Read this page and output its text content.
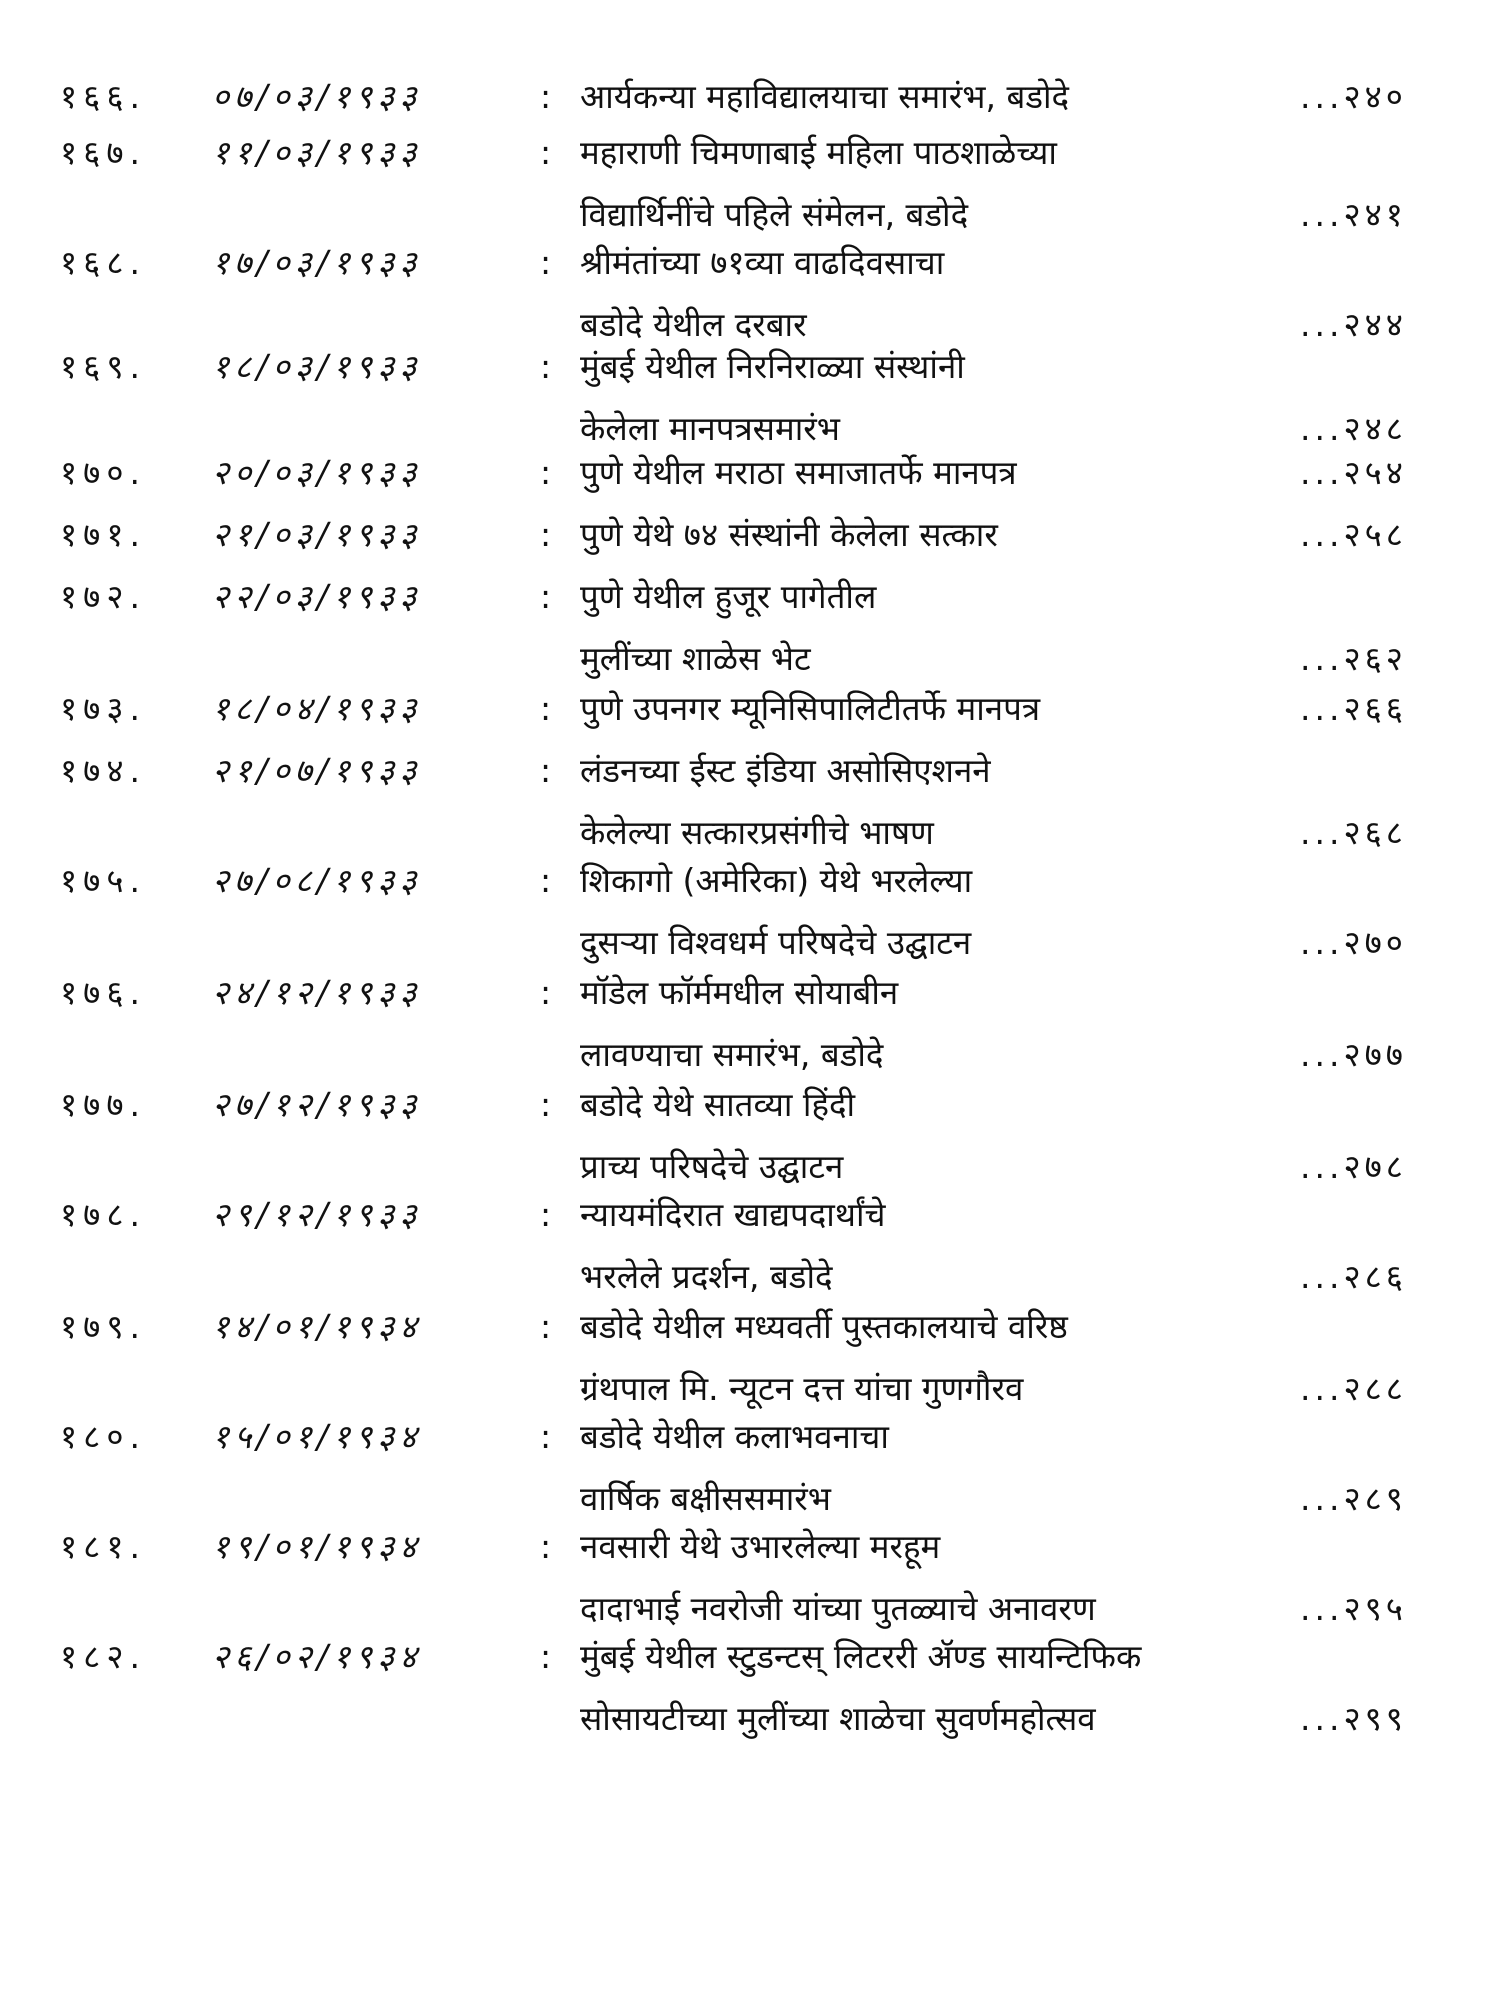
१६६. ०७/०३/१९३३	: आर्यकन्या महाविद्यालयाचा समारंभ, बडोदे	...२४०
१६७. ११/०३/१९३३	: महाराणी चिमणाबाई महिला पाठशाळेच्या
विद्यार्थिनींचे पहिले संमेलन, बडोदे	...२४१
१६८. १७/०३/१९३३	: श्रीमंतांच्या ७१व्या वाढदिवसाचा
बडोदे येथील दरबार	...२४४
१६९. १८/०३/१९३३	: मुंबई येथील निरनिराळ्या संस्थांनी
केलेला मानपत्रसमारंभ	...२४८
१७०. २०/०३/१९३३	: पुणे येथील मराठा समाजातर्फे मानपत्र	...२५४
१७१. २१/०३/१९३३	: पुणे येथे ७४ संस्थांनी केलेला सत्कार	...२५८
१७२. २२/०३/१९३३	: पुणे येथील हुजूर पागेतील
मुलींच्या शाळेस भेट	...२६२
१७३. १८/०४/१९३३	: पुणे उपनगर म्यूनिसिपालिटीतर्फे मानपत्र	...२६६
१७४. २१/०७/१९३३	: लंडनच्या ईस्ट इंडिया असोसिएशनने
केलेल्या सत्कारप्रसंगीचे भाषण	...२६८
१७५. २७/०८/१९३३	: शिकागो (अमेरिका) येथे भरलेल्या
दुसऱ्या विश्वधर्म परिषदेचे उद्घाटन	...२७०
१७६. २४/१२/१९३३	: मॉडेल फॉर्ममधील सोयाबीन
लावण्याचा समारंभ, बडोदे	...२७७
१७७. २७/१२/१९३३	: बडोदे येथे सातव्या हिंदी
प्राच्य परिषदेचे उद्घाटन	...२७८
१७८. २९/१२/१९३३	: न्यायमंदिरात खाद्यपदार्थांचे
भरलेले प्रदर्शन, बडोदे	...२८६
१७९. १४/०१/१९३४	: बडोदे येथील मध्यवर्ती पुस्तकालयाचे वरिष्ठ
ग्रंथपाल मि. न्यूटन दत्त यांचा गुणगौरव	...२८८
१८०. १५/०१/१९३४	: बडोदे येथील कलाभवनाचा
वार्षिक बक्षीससमारंभ	...२८९
१८१. १९/०१/१९३४	: नवसारी येथे उभारलेल्या मरहूम
दादाभाई नवरोजी यांच्या पुतळ्याचे अनावरण	...२९५
१८२. २६/०२/१९३४	: मुंबई येथील स्टुडन्टस् लिटररी ॲण्ड सायन्टिफिक
सोसायटीच्या मुलींच्या शाळेचा सुवर्णमहोत्सव	...२९९
